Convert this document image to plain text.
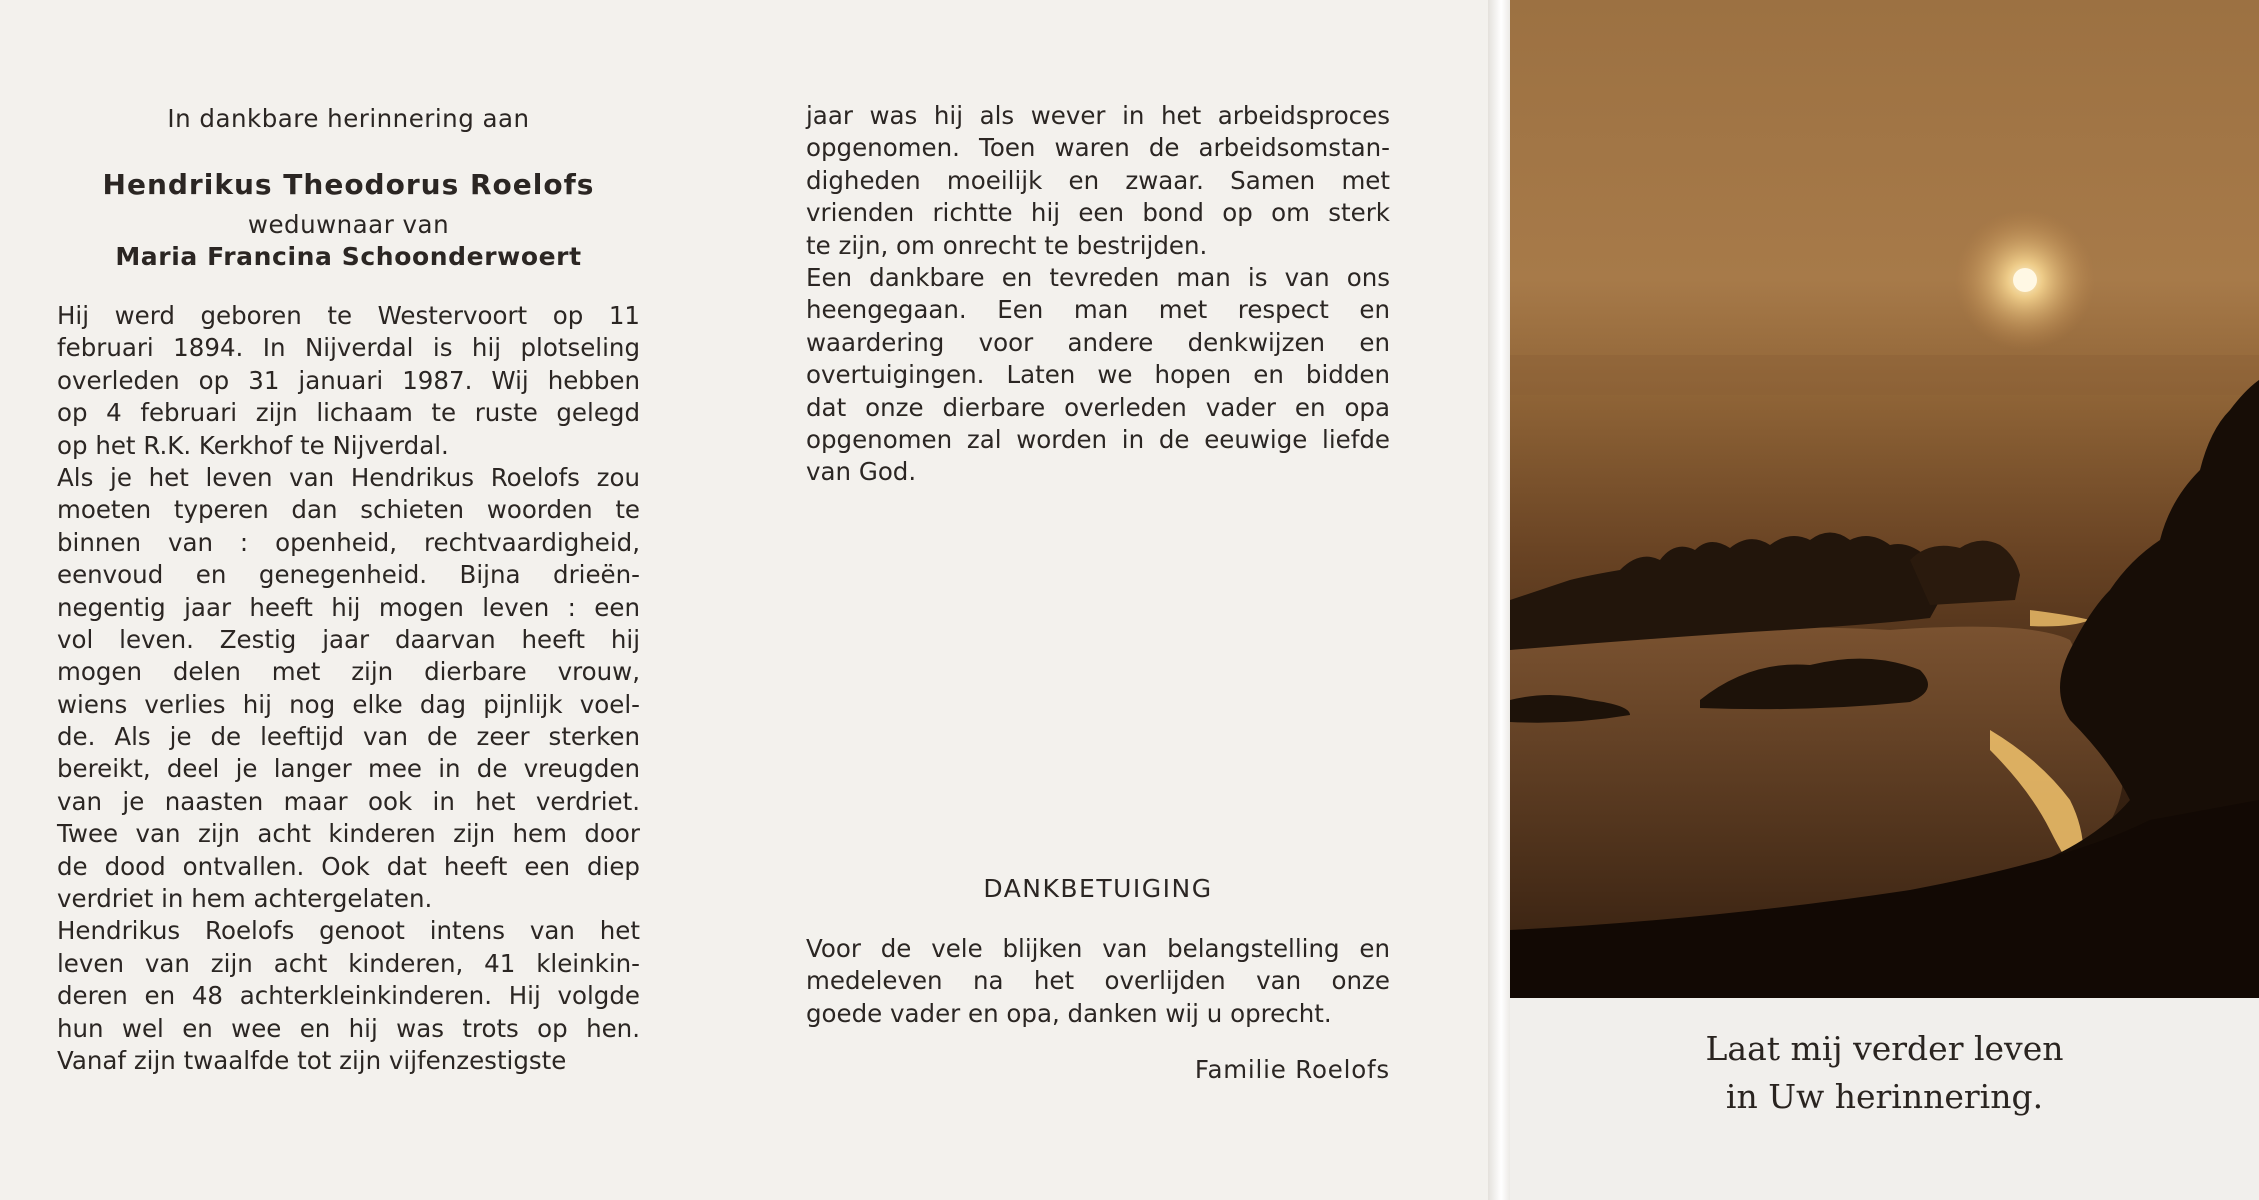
In dankbare herinnering aan
Hendrikus Theodorus Roelofs
weduwnaar van
Maria Francina Schoonderwoert
Hij werd geboren te Westervoort op 11
februari 1894. In Nijverdal is hij plotseling
overleden op 31 januari 1987. Wij hebben
op 4 februari zijn lichaam te ruste gelegd
op het R.K. Kerkhof te Nijverdal.
Als je het leven van Hendrikus Roelofs zou
moeten typeren dan schieten woorden te
binnen van : openheid, rechtvaardigheid,
eenvoud en genegenheid. Bijna drieën-
negentig jaar heeft hij mogen leven : een
vol leven. Zestig jaar daarvan heeft hij
mogen delen met zijn dierbare vrouw,
wiens verlies hij nog elke dag pijnlijk voel-
de. Als je de leeftijd van de zeer sterken
bereikt, deel je langer mee in de vreugden
van je naasten maar ook in het verdriet.
Twee van zijn acht kinderen zijn hem door
de dood ontvallen. Ook dat heeft een diep
verdriet in hem achtergelaten.
Hendrikus Roelofs genoot intens van het
leven van zijn acht kinderen, 41 kleinkin-
deren en 48 achterkleinkinderen. Hij volgde
hun wel en wee en hij was trots op hen.
Vanaf zijn twaalfde tot zijn vijfenzestigste
jaar was hij als wever in het arbeidsproces
opgenomen. Toen waren de arbeidsomstan-
digheden moeilijk en zwaar. Samen met
vrienden richtte hij een bond op om sterk
te zijn, om onrecht te bestrijden.
Een dankbare en tevreden man is van ons
heengegaan. Een man met respect en
waardering voor andere denkwijzen en
overtuigingen. Laten we hopen en bidden
dat onze dierbare overleden vader en opa
opgenomen zal worden in de eeuwige liefde
van God.
DANKBETUIGING
Voor de vele blijken van belangstelling en
medeleven na het overlijden van onze
goede vader en opa, danken wij u oprecht.
Familie Roelofs
Laat mij verder leven
in Uw herinnering.
